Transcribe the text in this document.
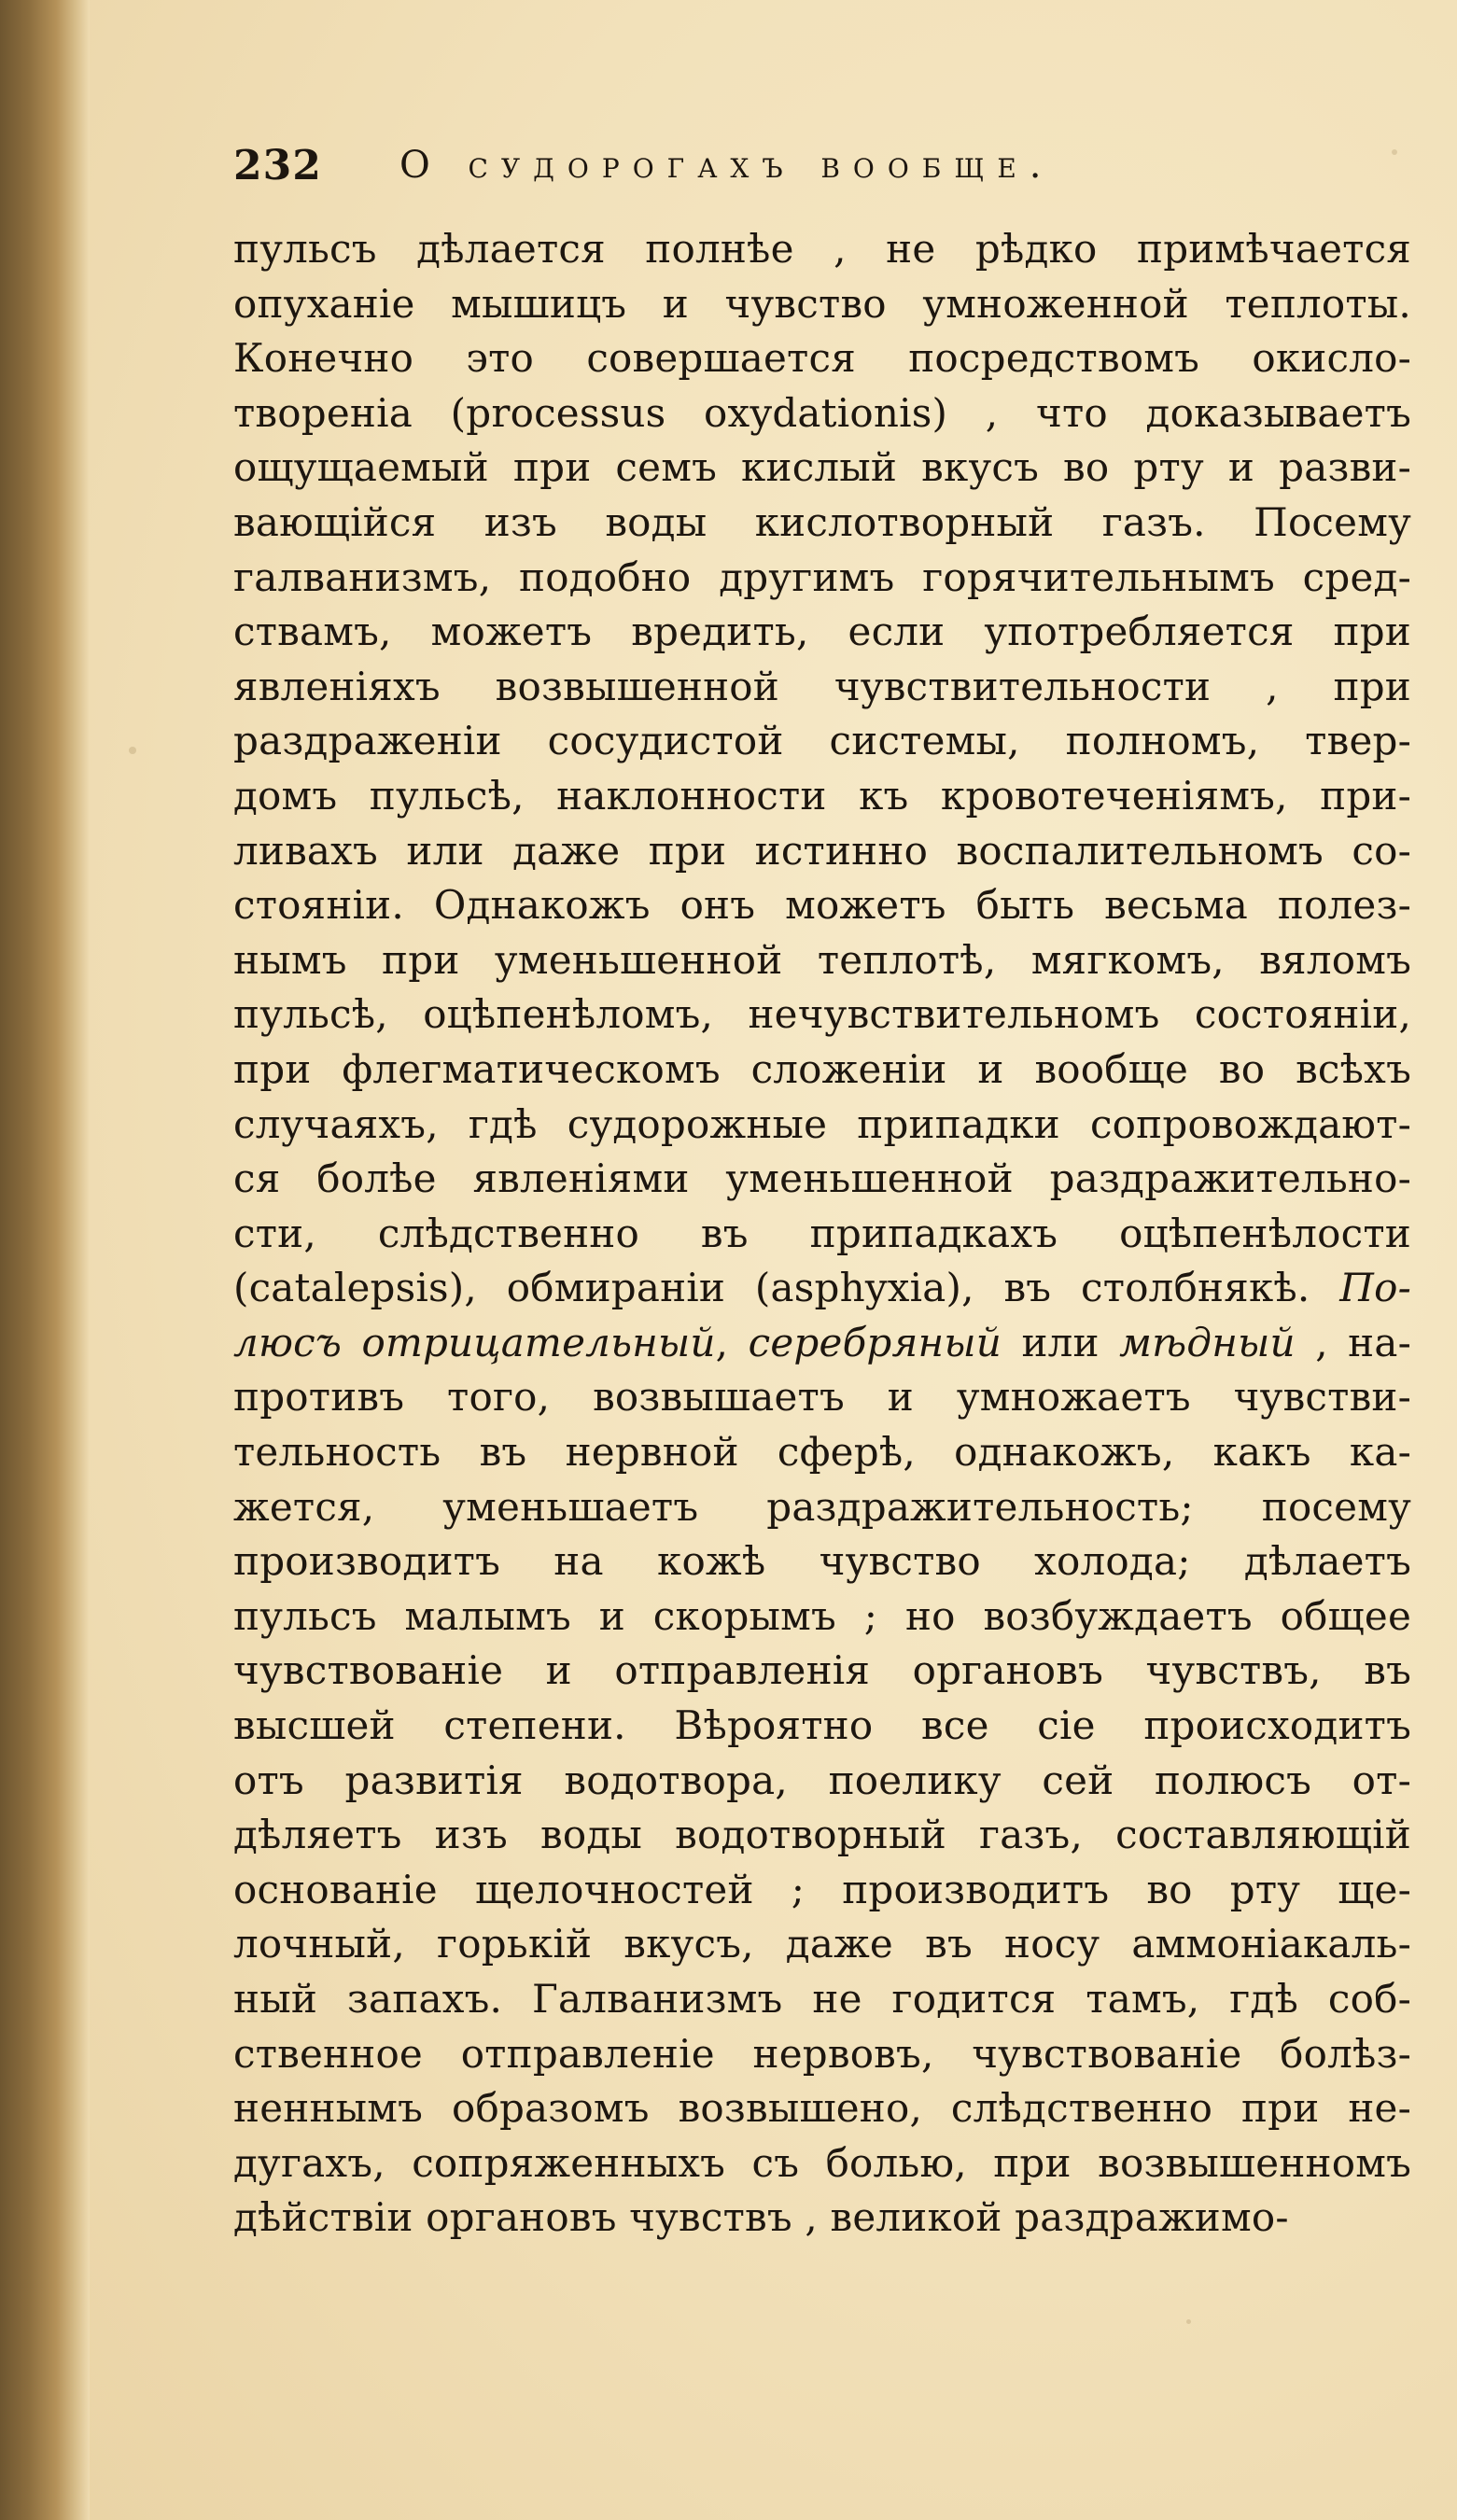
232 О судорогахъ вообще.
пульсъ дѣлается полнѣе , не рѣдко примѣчается
опуханіе мышицъ и чувство умноженной теплоты.
Конечно это совершается посредствомъ окисло-
твореніa (processus oxydationis) , что доказываетъ
ощущаемый при семъ кислый вкусъ во рту и разви-
вающійся изъ воды кислотворный газъ. Посему
галванизмъ, подобно другимъ горячительнымъ сред-
ствамъ, можетъ вредить, если употребляется при
явленіяхъ возвышенной чувствительности , при
раздраженіи сосудистой системы, полномъ, твер-
домъ пульсѣ, наклонности къ кровотеченіямъ, при-
ливахъ или даже при истинно воспалительномъ со-
стояніи. Однакожъ онъ можетъ быть весьма полез-
нымъ при уменьшенной теплотѣ, мягкомъ, вяломъ
пульсѣ, оцѣпенѣломъ, нечувствительномъ состояніи,
при флегматическомъ сложеніи и вообще во всѣхъ
случаяхъ, гдѣ судорожные припадки сопровождают-
ся болѣе явленіями уменьшенной раздражительно-
сти, слѣдственно въ припадкахъ оцѣпенѣлости
(catalepsis), обмираніи (asphyxia), въ столбнякѣ. По-
люсъ отрицательный, серебряный или мѣдный , на-
противъ того, возвышаетъ и умножаетъ чувстви-
тельность въ нервной сферѣ, однакожъ, какъ ка-
жется, уменьшаетъ раздражительность; посему
производитъ на кожѣ чувство холода; дѣлаетъ
пульсъ малымъ и скорымъ ; но возбуждаетъ общее
чувствованіе и отправленія органовъ чувствъ, въ
высшей степени. Вѣроятно все сіе происходитъ
отъ развитія водотвора, поелику сей полюсъ от-
дѣляетъ изъ воды водотворный газъ, составляющій
основаніе щелочностей ; производитъ во рту ще-
лочный, горькій вкусъ, даже въ носу аммоніакаль-
ный запахъ. Галванизмъ не годится тамъ, гдѣ соб-
ственное отправленіе нервовъ, чувствованіе болѣз-
неннымъ образомъ возвышено, слѣдственно при не-
дугахъ, сопряженныхъ съ болью, при возвышенномъ
дѣйствіи органовъ чувствъ , великой раздражимо-
